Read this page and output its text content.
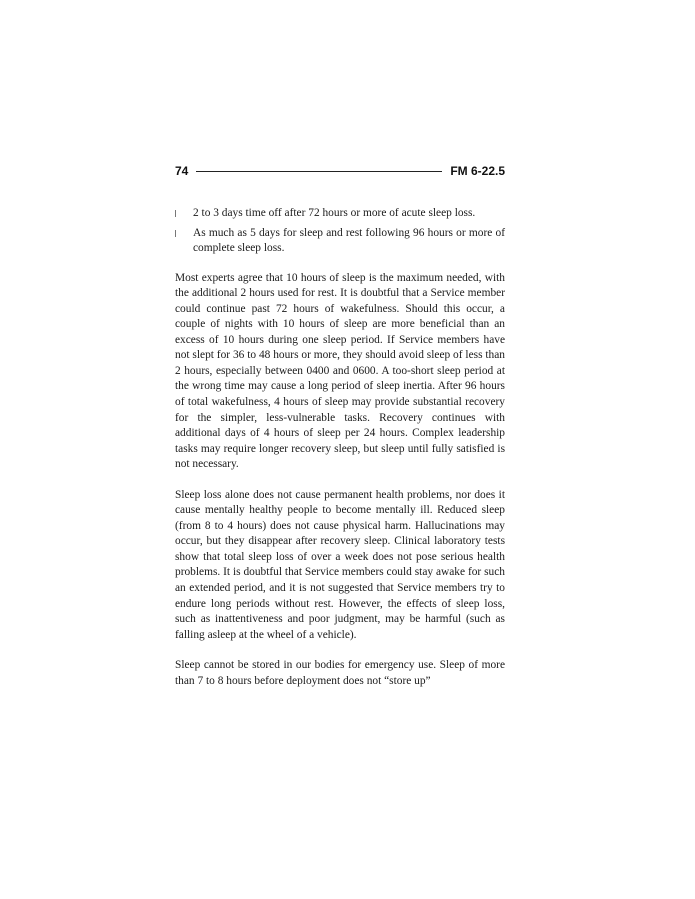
74	FM 6-22.5
2 to 3 days time off after 72 hours or more of acute sleep loss.
As much as 5 days for sleep and rest following 96 hours or more of complete sleep loss.

Most experts agree that 10 hours of sleep is the maximum needed, with the additional 2 hours used for rest. It is doubtful that a Service member could continue past 72 hours of wakefulness. Should this occur, a couple of nights with 10 hours of sleep are more beneficial than an excess of 10 hours during one sleep period. If Service members have not slept for 36 to 48 hours or more, they should avoid sleep of less than 2 hours, especially between 0400 and 0600. A too-short sleep period at the wrong time may cause a long period of sleep inertia. After 96 hours of total wakefulness, 4 hours of sleep may provide substantial recovery for the simpler, less-vulnerable tasks. Recovery continues with additional days of 4 hours of sleep per 24 hours. Complex leadership tasks may require longer recovery sleep, but sleep until fully satisfied is not necessary.

Sleep loss alone does not cause permanent health problems, nor does it cause mentally healthy people to become mentally ill. Reduced sleep (from 8 to 4 hours) does not cause physical harm. Hallucinations may occur, but they disappear after recovery sleep. Clinical laboratory tests show that total sleep loss of over a week does not pose serious health problems. It is doubtful that Service members could stay awake for such an extended period, and it is not suggested that Service members try to endure long periods without rest. However, the effects of sleep loss, such as inattentiveness and poor judgment, may be harmful (such as falling asleep at the wheel of a vehicle).

Sleep cannot be stored in our bodies for emergency use. Sleep of more than 7 to 8 hours before deployment does not “store up”
